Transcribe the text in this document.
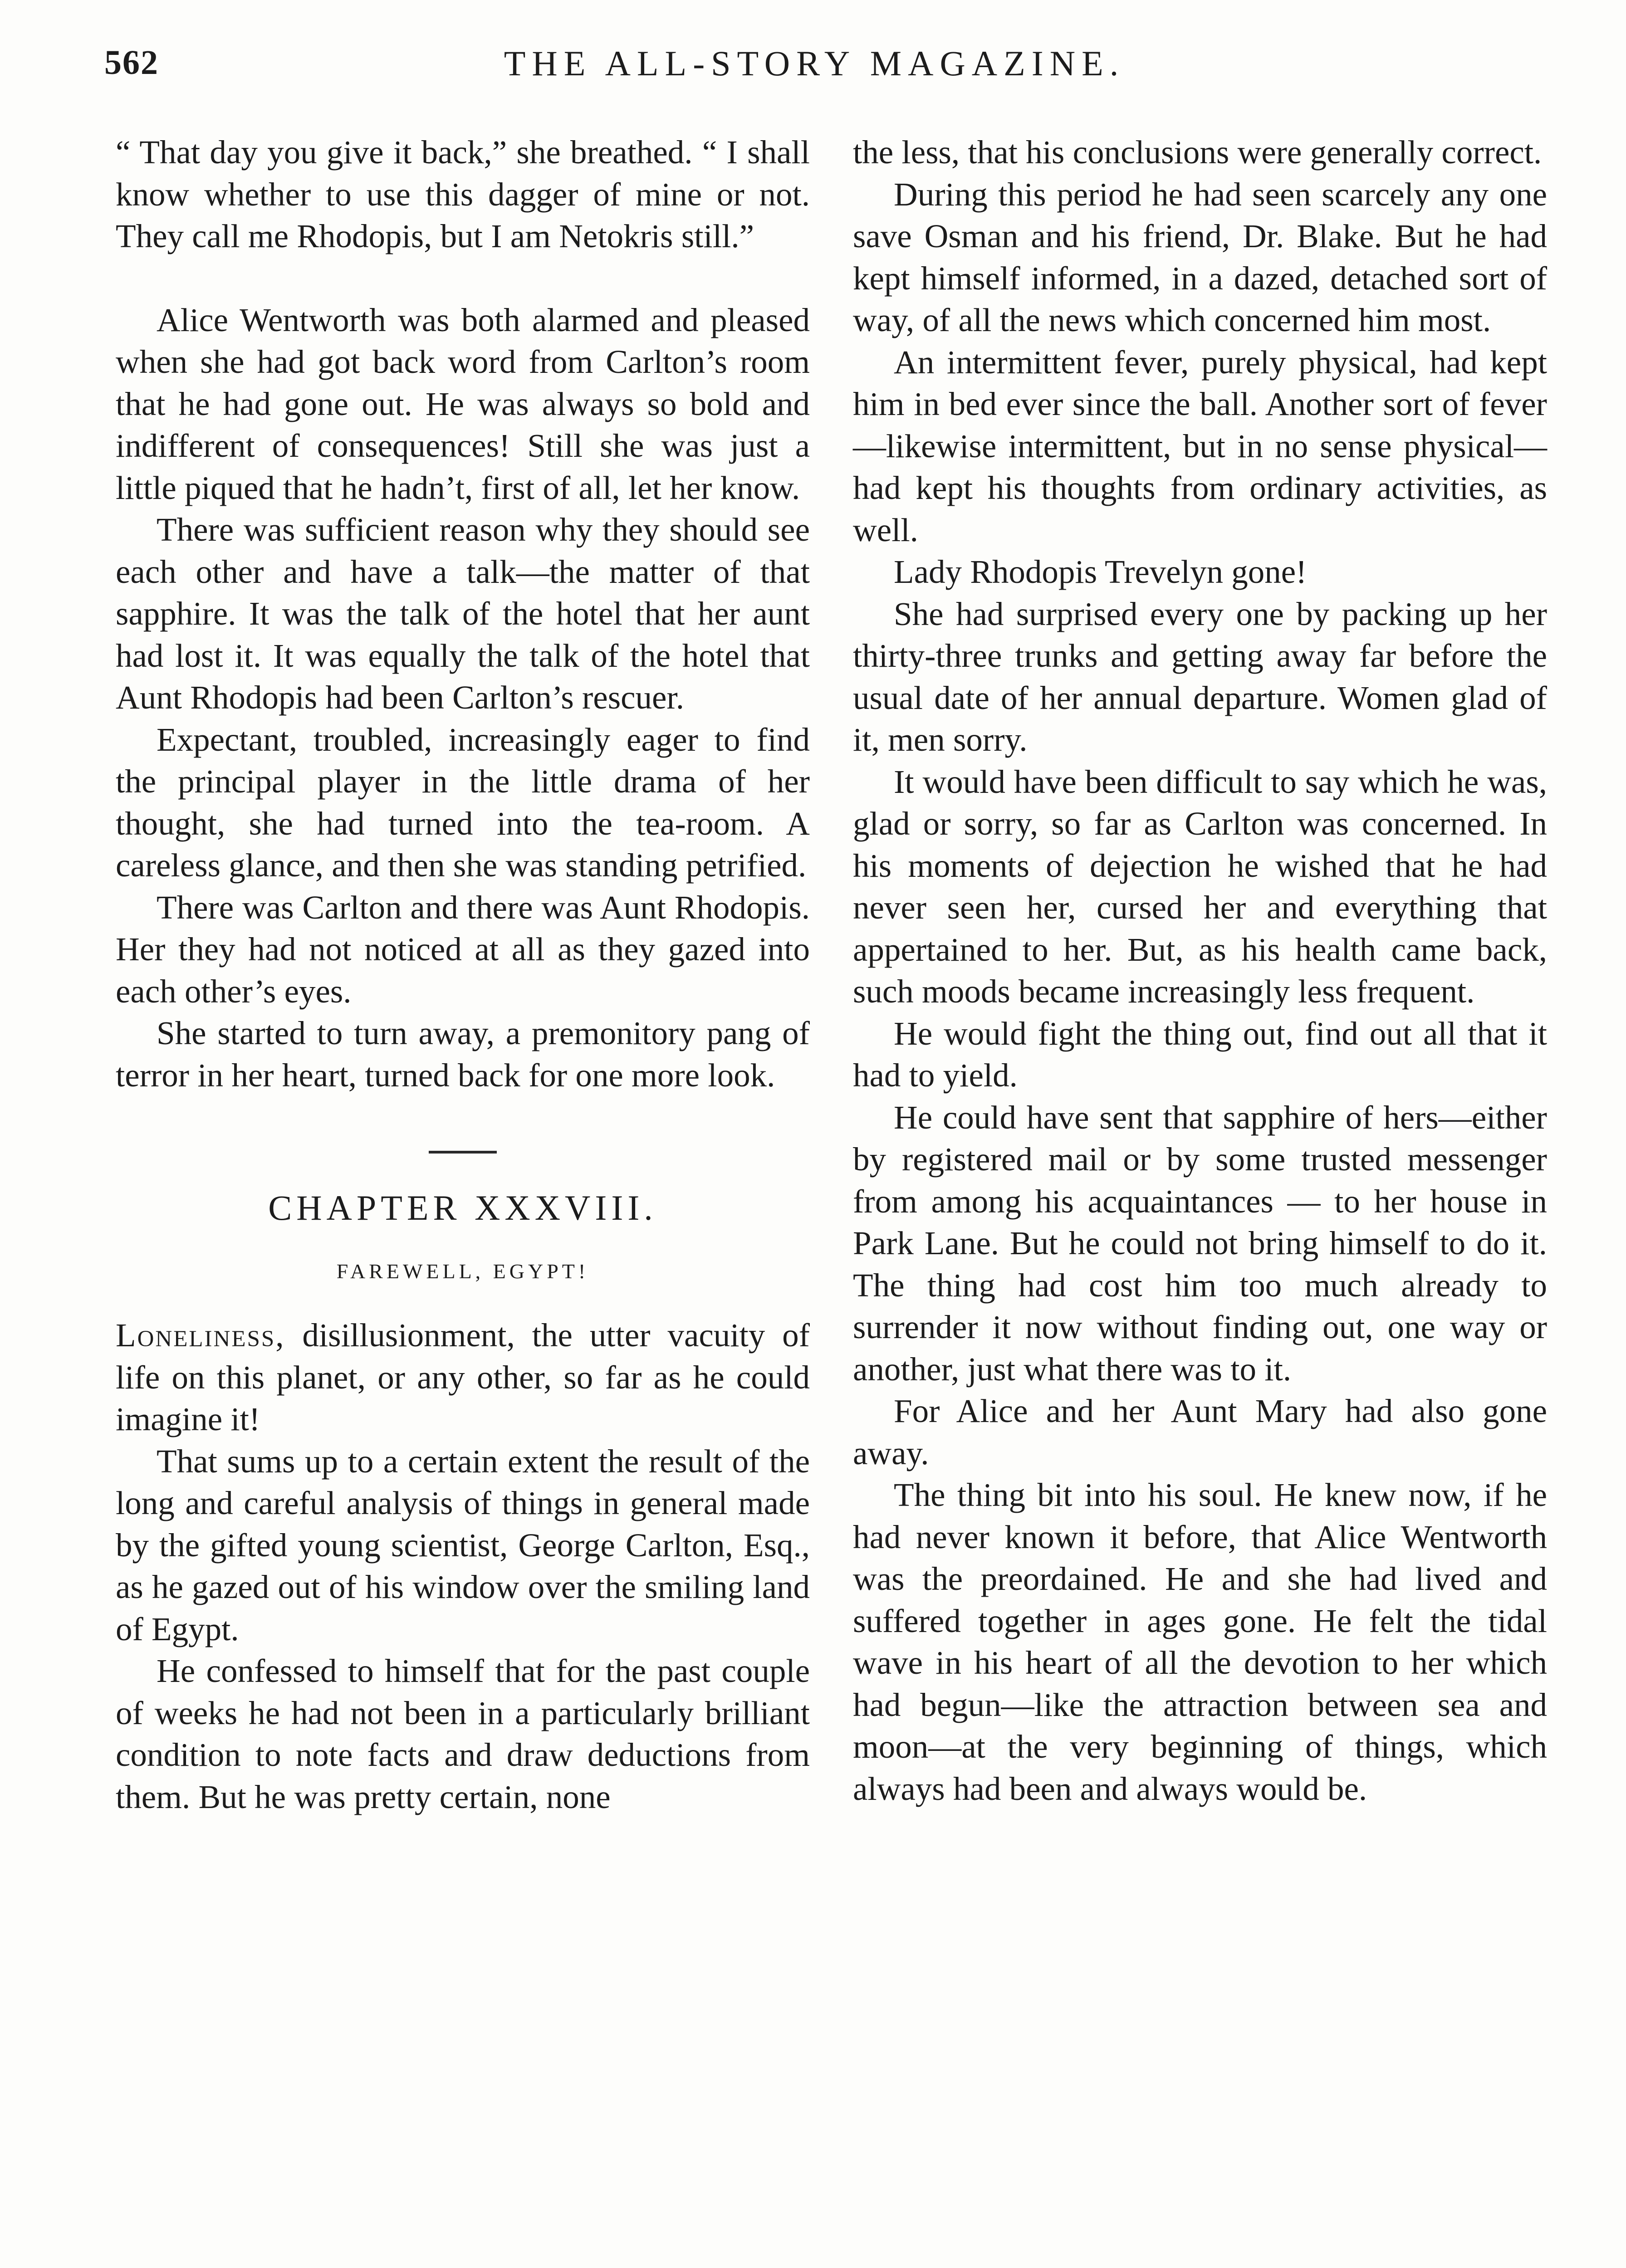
562	THE ALL-STORY MAGAZINE.

“ That day you give it back,” she breathed. “ I shall know whether to use this dagger of mine or not. They call me Rhodopis, but I am Netokris still.”

Alice Wentworth was both alarmed and pleased when she had got back word from Carlton’s room that he had gone out. He was always so bold and indifferent of consequences! Still she was just a little piqued that he hadn’t, first of all, let her know.

There was sufficient reason why they should see each other and have a talk—the matter of that sapphire. It was the talk of the hotel that her aunt had lost it. It was equally the talk of the hotel that Aunt Rhodopis had been Carlton’s rescuer.

Expectant, troubled, increasingly eager to find the principal player in the little drama of her thought, she had turned into the tea-room. A careless glance, and then she was standing petrified.

There was Carlton and there was Aunt Rhodopis. Her they had not noticed at all as they gazed into each other’s eyes.

She started to turn away, a premonitory pang of terror in her heart, turned back for one more look.

CHAPTER XXXVIII.
FAREWELL, EGYPT!

Loneliness, disillusionment, the utter vacuity of life on this planet, or any other, so far as he could imagine it!

That sums up to a certain extent the result of the long and careful analysis of things in general made by the gifted young scientist, George Carlton, Esq., as he gazed out of his window over the smiling land of Egypt.

He confessed to himself that for the past couple of weeks he had not been in a particularly brilliant condition to note facts and draw deductions from them. But he was pretty certain, none

the less, that his conclusions were generally correct.

During this period he had seen scarcely any one save Osman and his friend, Dr. Blake. But he had kept himself informed, in a dazed, detached sort of way, of all the news which concerned him most.

An intermittent fever, purely physical, had kept him in bed ever since the ball. Another sort of fever—likewise intermittent, but in no sense physical—had kept his thoughts from ordinary activities, as well.

Lady Rhodopis Trevelyn gone!

She had surprised every one by packing up her thirty-three trunks and getting away far before the usual date of her annual departure. Women glad of it, men sorry.

It would have been difficult to say which he was, glad or sorry, so far as Carlton was concerned. In his moments of dejection he wished that he had never seen her, cursed her and everything that appertained to her. But, as his health came back, such moods became increasingly less frequent.

He would fight the thing out, find out all that it had to yield.

He could have sent that sapphire of hers—either by registered mail or by some trusted messenger from among his acquaintances — to her house in Park Lane. But he could not bring himself to do it. The thing had cost him too much already to surrender it now without finding out, one way or another, just what there was to it.

For Alice and her Aunt Mary had also gone away.

The thing bit into his soul. He knew now, if he had never known it before, that Alice Wentworth was the preordained. He and she had lived and suffered together in ages gone. He felt the tidal wave in his heart of all the devotion to her which had begun—like the attraction between sea and moon—at the very beginning of things, which always had been and always would be.
